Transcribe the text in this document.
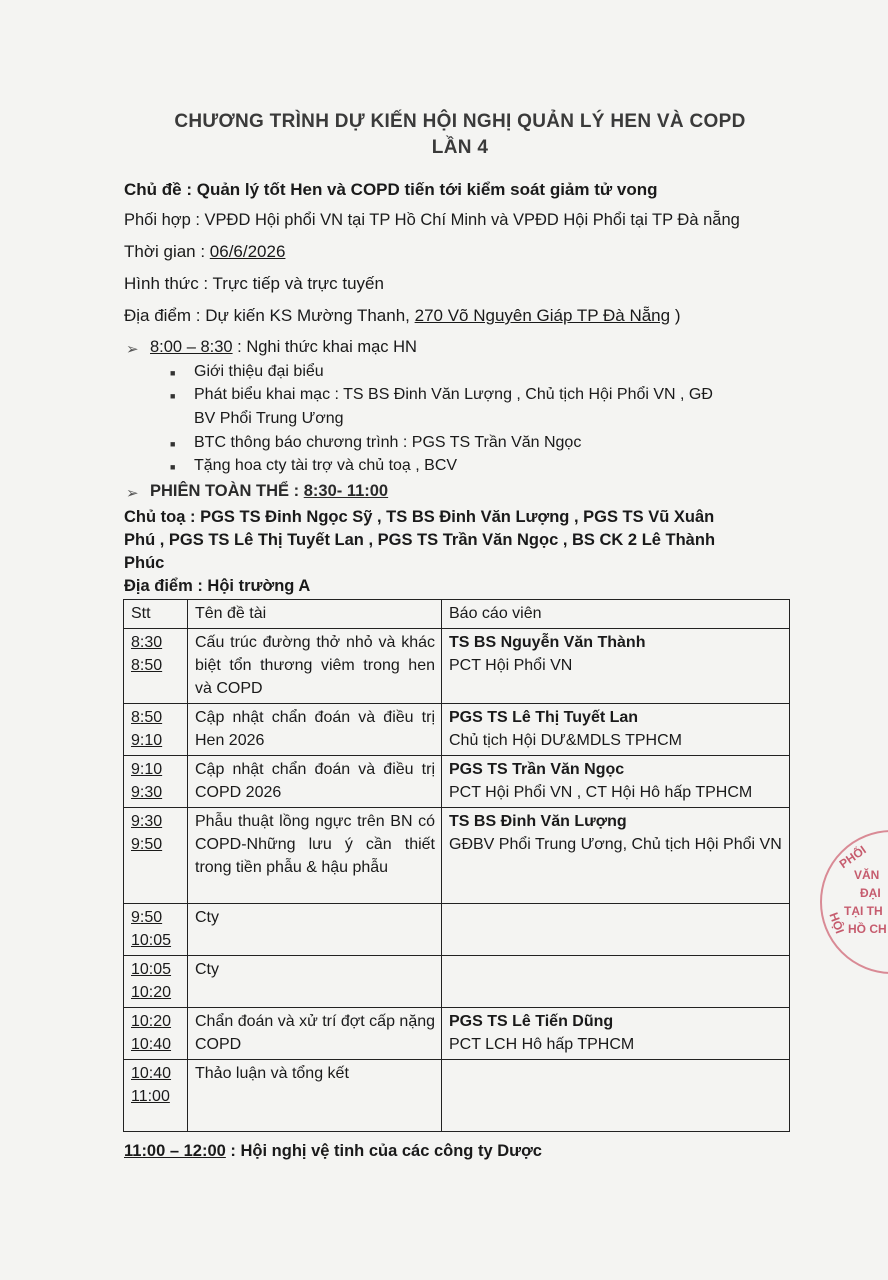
CHƯƠNG TRÌNH DỰ KIẾN HỘI NGHỊ QUẢN LÝ HEN VÀ COPD
LẦN 4
Chủ đề : Quản lý tốt Hen và COPD tiến tới kiểm soát giảm tử vong
Phối hợp : VPĐD Hội phổi VN tại TP Hồ Chí Minh và VPĐD Hội Phổi tại TP Đà nẵng
Thời gian : 06/6/2026
Hình thức : Trực tiếp và trực tuyến
Địa điểm : Dự kiến KS Mường Thanh, 270 Võ Nguyên Giáp TP Đà Nẵng )
➢ 8:00 – 8:30 : Nghi thức khai mạc HN
■ Giới thiệu đại biểu
■ Phát biểu khai mạc : TS BS Đinh Văn Lượng , Chủ tịch Hội Phổi VN , GĐ
BV Phổi Trung Ương
■ BTC thông báo chương trình : PGS TS Trần Văn Ngọc
■ Tặng hoa cty tài trợ và chủ toạ , BCV
➢ PHIÊN TOÀN THỂ : 8:30- 11:00
Chủ toạ : PGS TS Đinh Ngọc Sỹ , TS BS Đinh Văn Lượng , PGS TS Vũ Xuân
Phú , PGS TS Lê Thị Tuyết Lan , PGS TS Trần Văn Ngọc , BS CK 2 Lê Thành
Phúc
Địa điểm : Hội trường A
Stt	Tên đề tài	Báo cáo viên

8:30
8:50	Cấu trúc đường thở nhỏ và khác biệt tổn thương viêm trong hen và COPD	TS BS Nguyễn Văn Thành
PCT Hội Phổi VN

8:50
9:10	Cập nhật chẩn đoán và điều trị Hen 2026	PGS TS Lê Thị Tuyết Lan
Chủ tịch Hội DƯ&MDLS TPHCM

9:10
9:30	Cập nhật chẩn đoán và điều trị COPD 2026	PGS TS Trần Văn Ngọc
PCT Hội Phổi VN , CT Hội Hô hấp TPHCM

9:30
9:50	Phẫu thuật lồng ngực trên BN có COPD-Những lưu ý cần thiết trong tiền phẫu & hậu phẫu	TS BS Đinh Văn Lượng
GĐBV Phổi Trung Ương, Chủ tịch Hội Phổi VN

9:50
10:05	Cty	

10:05
10:20	Cty	

10:20
10:40	Chẩn đoán và xử trí đợt cấp nặng COPD	PGS TS Lê Tiến Dũng
PCT LCH Hô hấp TPHCM

10:40
11:00	Thảo luận và tổng kết	
11:00 – 12:00 : Hội nghị vệ tinh của các công ty Dược
PHỔI
VĂN
ĐẠI
TẠI TH
HỒ CH
HỘI
